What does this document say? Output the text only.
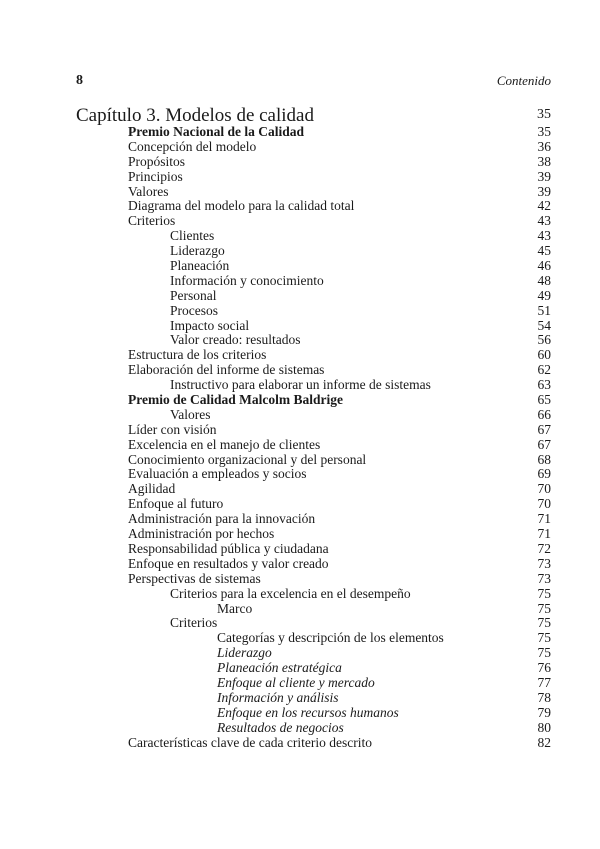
8	Contenido
Capítulo 3. Modelos de calidad	35
Premio Nacional de la Calidad	35
Concepción del modelo	36
Propósitos	38
Principios	39
Valores	39
Diagrama del modelo para la calidad total	42
Criterios	43
Clientes	43
Liderazgo	45
Planeación	46
Información y conocimiento	48
Personal	49
Procesos	51
Impacto social	54
Valor creado: resultados	56
Estructura de los criterios	60
Elaboración del informe de sistemas	62
Instructivo para elaborar un informe de sistemas	63
Premio de Calidad Malcolm Baldrige	65
Valores	66
Líder con visión	67
Excelencia en el manejo de clientes	67
Conocimiento organizacional y del personal	68
Evaluación a empleados y socios	69
Agilidad	70
Enfoque al futuro	70
Administración para la innovación	71
Administración por hechos	71
Responsabilidad pública y ciudadana	72
Enfoque en resultados y valor creado	73
Perspectivas de sistemas	73
Criterios para la excelencia en el desempeño	75
Marco	75
Criterios	75
Categorías y descripción de los elementos	75
Liderazgo	75
Planeación estratégica	76
Enfoque al cliente y mercado	77
Información y análisis	78
Enfoque en los recursos humanos	79
Resultados de negocios	80
Características clave de cada criterio descrito	82
